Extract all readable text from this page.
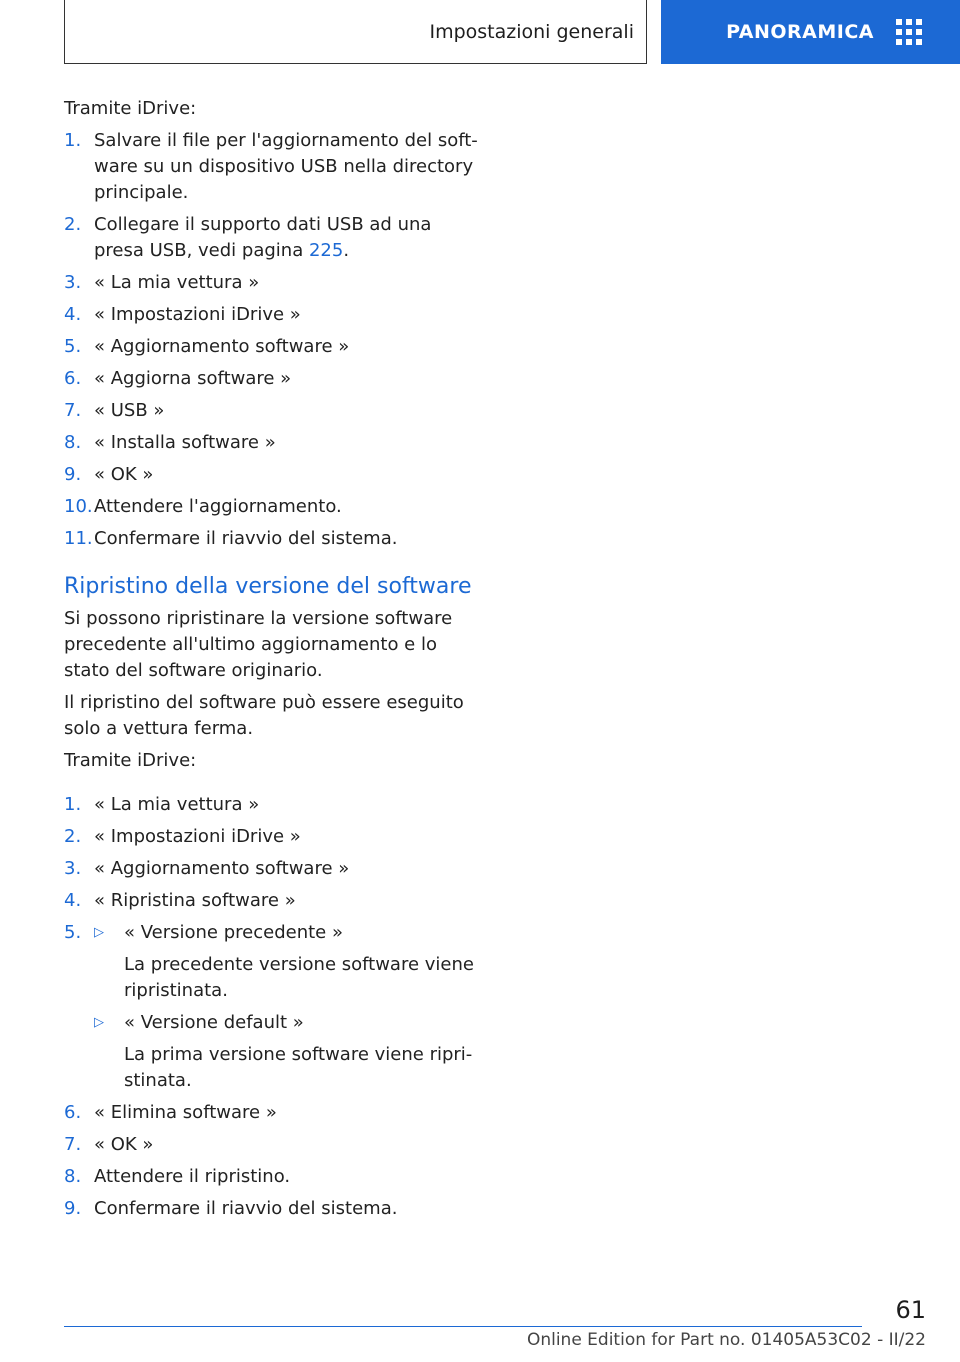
Impostazioni generali	PANORAMICA

Tramite iDrive:

1. Salvare il file per l'aggiornamento del soft-ware su un dispositivo USB nella directory principale.
2. Collegare il supporto dati USB ad una presa USB, vedi pagina 225.
3. « La mia vettura »
4. « Impostazioni iDrive »
5. « Aggiornamento software »
6. « Aggiorna software »
7. « USB »
8. « Installa software »
9. « OK »
10. Attendere l'aggiornamento.
11. Confermare il riavvio del sistema.
Ripristino della versione del software

Si possono ripristinare la versione software precedente all'ultimo aggiornamento e lo stato del software originario.

Il ripristino del software può essere eseguito solo a vettura ferma.

Tramite iDrive:

1. « La mia vettura »
2. « Impostazioni iDrive »
3. « Aggiornamento software »
4. « Ripristina software »
5. ▷ « Versione precedente »
La precedente versione software viene ripristinata.
▷ « Versione default »
La prima versione software viene ripri-stinata.
6. « Elimina software »
7. « OK »
8. Attendere il ripristino.
9. Confermare il riavvio del sistema.
61
Online Edition for Part no. 01405A53C02 - II/22
